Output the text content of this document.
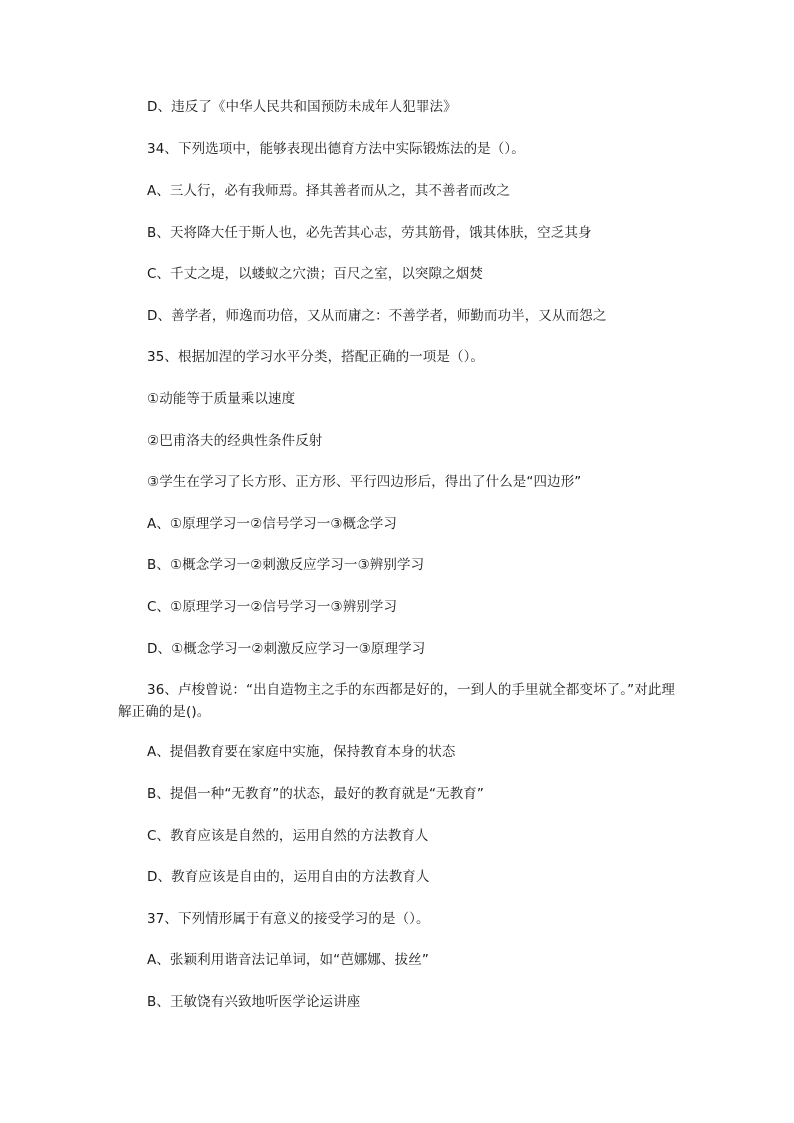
D、违反了《中华人民共和国预防未成年人犯罪法》
34、下列选项中，能够表现出德育方法中实际锻炼法的是（）。
A、三人行，必有我师焉。择其善者而从之，其不善者而改之
B、天将降大任于斯人也，必先苦其心志，劳其筋骨，饿其体肤，空乏其身
C、千丈之堤，以蝼蚁之穴溃；百尺之室，以突隙之烟焚
D、善学者，师逸而功倍，又从而庸之：不善学者，师勤而功半，又从而怨之
35、根据加涅的学习水平分类，搭配正确的一项是（）。
①动能等于质量乘以速度
②巴甫洛夫的经典性条件反射
③学生在学习了长方形、正方形、平行四边形后，得出了什么是“四边形”
A、①原理学习一②信号学习一③概念学习
B、①概念学习一②刺激反应学习一③辨别学习
C、①原理学习一②信号学习一③辨别学习
D、①概念学习一②刺激反应学习一③原理学习
36、卢梭曾说：“出自造物主之手的东西都是好的，一到人的手里就全都变坏了。”对此理解正确的是()。
A、提倡教育要在家庭中实施，保持教育本身的状态
B、提倡一种“无教育”的状态，最好的教育就是“无教育”
C、教育应该是自然的，运用自然的方法教育人
D、教育应该是自由的，运用自由的方法教育人
37、下列情形属于有意义的接受学习的是（）。
A、张颖利用谐音法记单词，如“芭娜娜、拔丝”
B、王敏饶有兴致地听医学论运讲座
